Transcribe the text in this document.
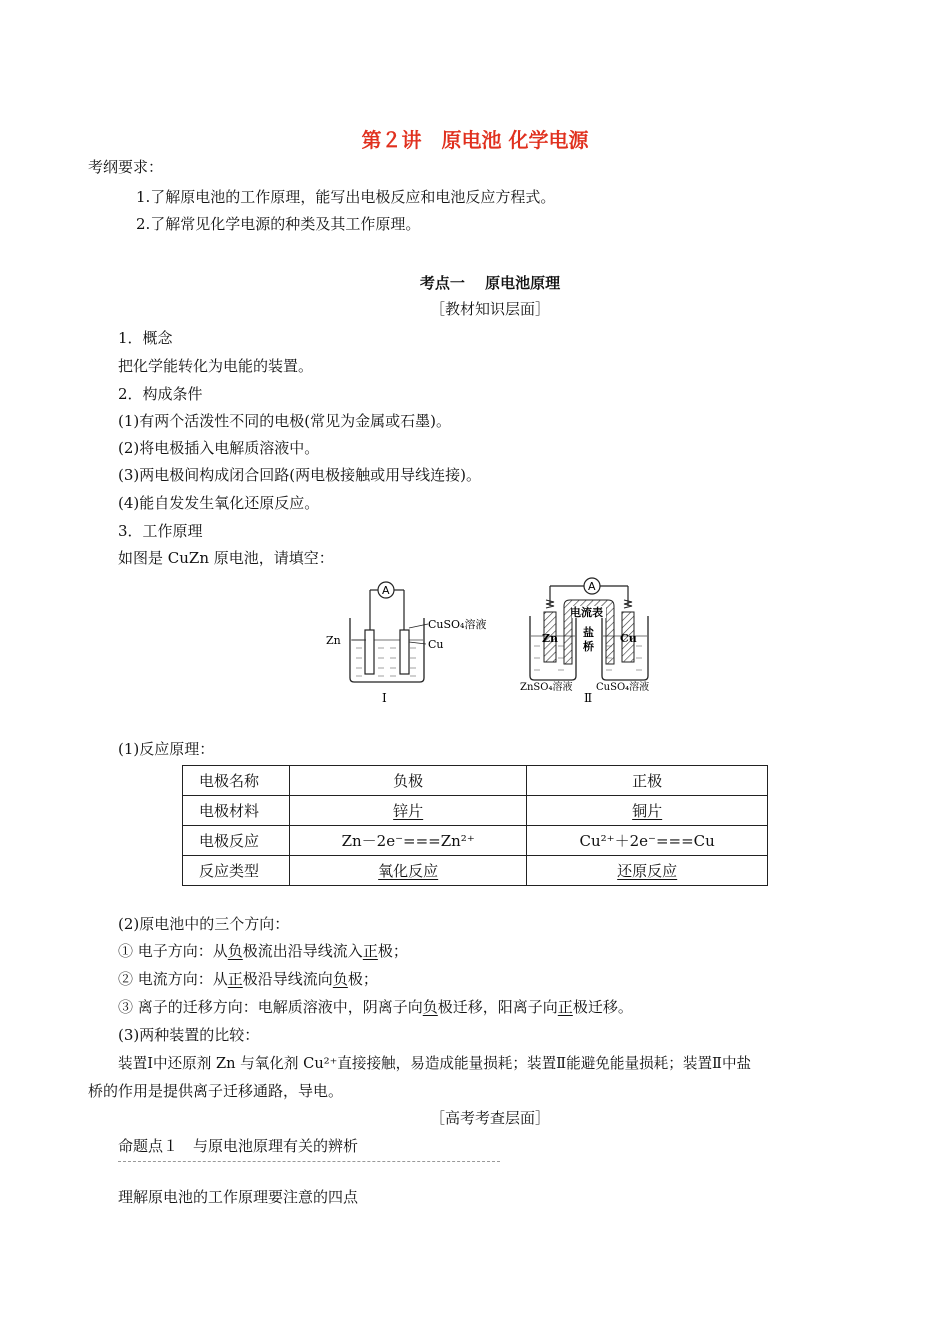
第２讲　原电池 化学电源
考纲要求：
1.了解原电池的工作原理，能写出电极反应和电池反应方程式。
2.了解常见化学电源的种类及其工作原理。
考点一　 原电池原理
［教材知识层面］
1．概念
把化学能转化为电能的装置。
2．构成条件
(1)有两个活泼性不同的电极(常见为金属或石墨)。
(2)将电极插入电解质溶液中。
(3)两电极间构成闭合回路(两电极接触或用导线连接)。
(4)能自发发生氧化还原反应。
3．工作原理
如图是 CuZn 原电池，请填空：
A
Zn
CuSO₄溶液
Cu
Ⅰ
A
电流表
盐
桥
Zn	Cu
ZnSO₄溶液 CuSO₄溶液
Ⅱ
(1)反应原理：
电极名称	负极	正极
电极材料	锌片	铜片
电极反应	Zn－2e⁻===Zn²⁺	Cu²⁺＋2e⁻===Cu
反应类型	氧化反应	还原反应
(2)原电池中的三个方向：
① 电子方向：从负极流出沿导线流入正极；
② 电流方向：从正极沿导线流向负极；
③ 离子的迁移方向：电解质溶液中，阴离子向负极迁移，阳离子向正极迁移。
(3)两种装置的比较：
装置Ⅰ中还原剂 Zn 与氧化剂 Cu²⁺直接接触，易造成能量损耗；装置Ⅱ能避免能量损耗；装置Ⅱ中盐
桥的作用是提供离子迁移通路，导电。
［高考考查层面］
命题点１　与原电池原理有关的辨析
理解原电池的工作原理要注意的四点
